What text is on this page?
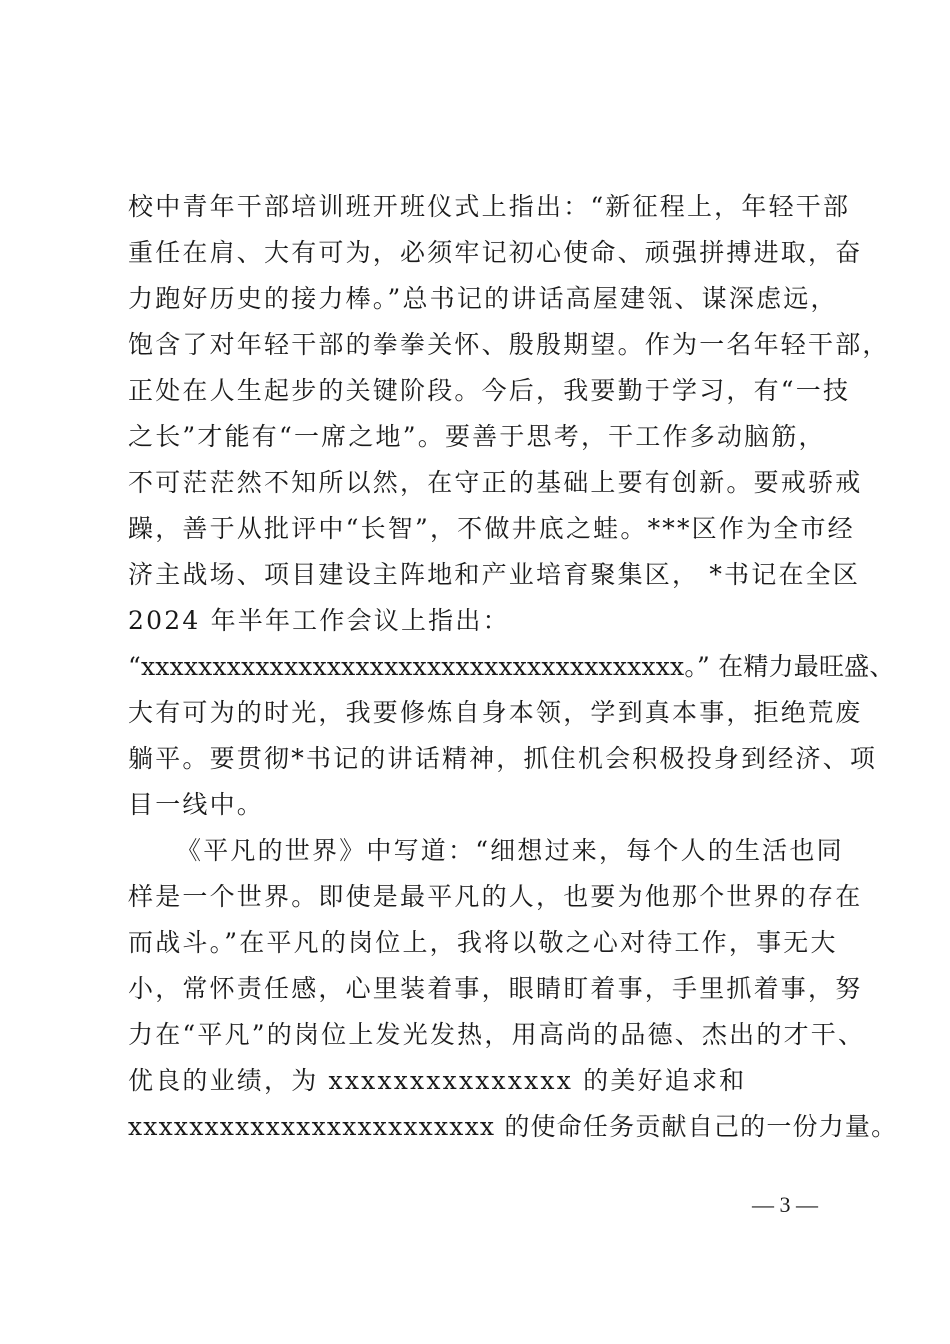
校中青年干部培训班开班仪式上指出：“新征程上，年轻干部
重任在肩、大有可为，必须牢记初心使命、顽强拼搏进取，奋
力跑好历史的接力棒。”总书记的讲话高屋建瓴、谋深虑远，
饱含了对年轻干部的拳拳关怀、殷殷期望。作为一名年轻干部，
正处在人生起步的关键阶段。今后，我要勤于学习，有“一技
之长”才能有“一席之地”。要善于思考，干工作多动脑筋，
不可茫茫然不知所以然，在守正的基础上要有创新。要戒骄戒
躁，善于从批评中“长智”，不做井底之蛙。***区作为全市经
济主战场、项目建设主阵地和产业培育聚集区， *书记在全区
2024 年半年工作会议上指出：
“xxxxxxxxxxxxxxxxxxxxxxxxxxxxxxxxxxxxxx。” 在精力最旺盛、
大有可为的时光，我要修炼自身本领，学到真本事，拒绝荒废
躺平。要贯彻*书记的讲话精神，抓住机会积极投身到经济、项
目一线中。
《平凡的世界》中写道：“细想过来，每个人的生活也同
样是一个世界。即使是最平凡的人，也要为他那个世界的存在
而战斗。”在平凡的岗位上，我将以敬之心对待工作，事无大
小，常怀责任感，心里装着事，眼睛盯着事，手里抓着事，努
力在“平凡”的岗位上发光发热，用高尚的品德、杰出的才干、
优良的业绩，为 xxxxxxxxxxxxxxx 的美好追求和
xxxxxxxxxxxxxxxxxxxxxxxx 的使命任务贡献自己的一份力量。
— 3 —
